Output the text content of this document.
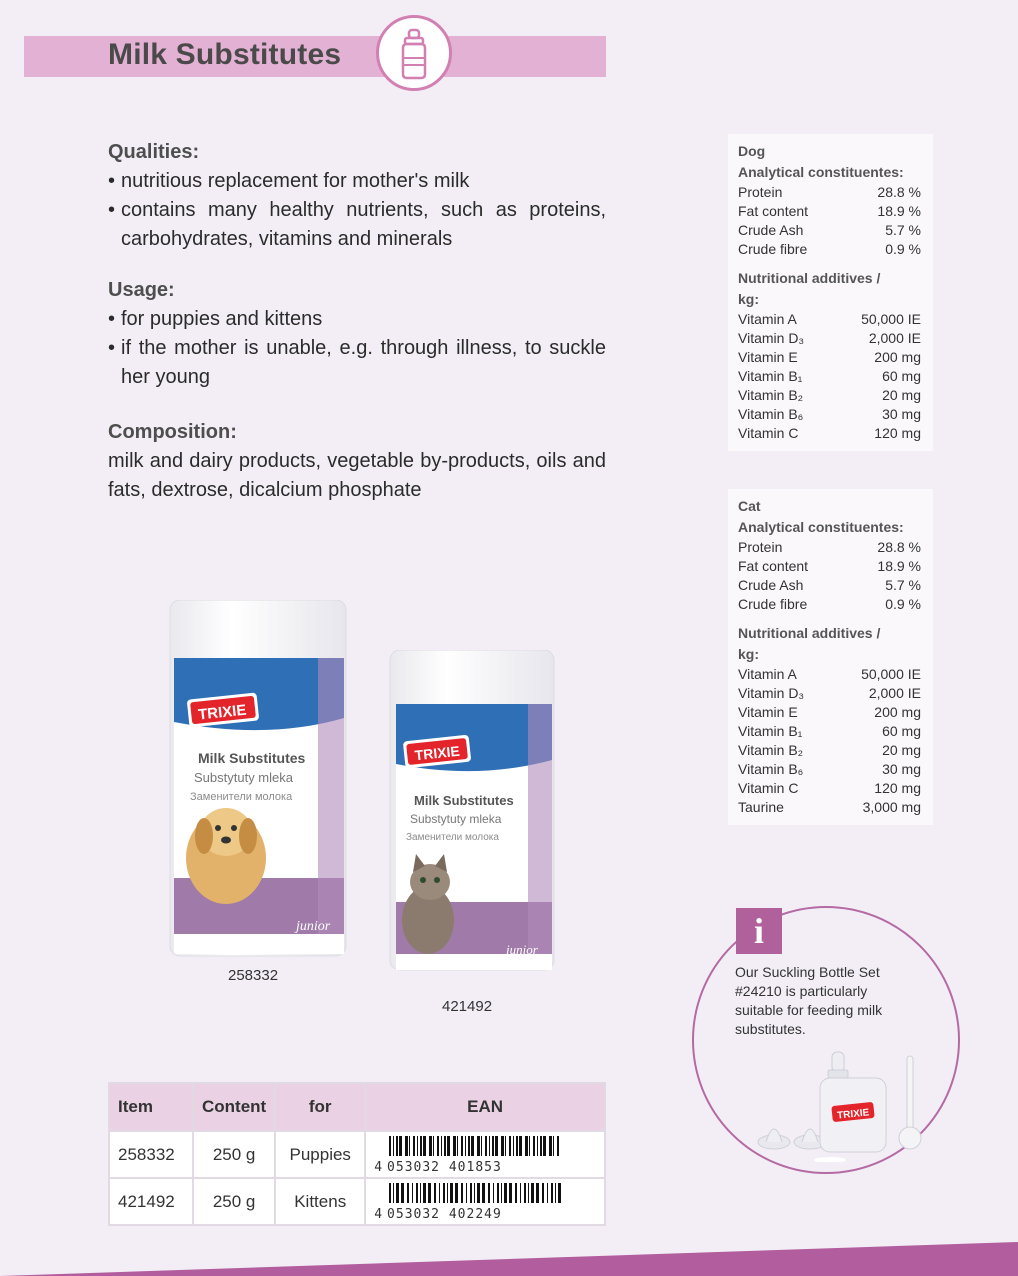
Milk Substitutes
Qualities:
• nutritious replacement for mother's milk
• contains many healthy nutrients, such as proteins, carbohydrates, vitamins and minerals
Usage:
• for puppies and kittens
• if the mother is unable, e.g. through illness, to suckle her young
Composition:
milk and dairy products, vegetable by-products, oils and fats, dextrose, dicalcium phosphate
Dog
Analytical constituentes:
Protein	28.8 %
Fat content	18.9 %
Crude Ash	5.7 %
Crude fibre	0.9 %
Nutritional additives /
kg:
Vitamin A	50,000 IE
Vitamin D₃	2,000 IE
Vitamin E	200 mg
Vitamin B₁	60 mg
Vitamin B₂	20 mg
Vitamin B₆	30 mg
Vitamin C	120 mg
Cat
Analytical constituentes:
Protein	28.8 %
Fat content	18.9 %
Crude Ash	5.7 %
Crude fibre	0.9 %
Nutritional additives /
kg:
Vitamin A	50,000 IE
Vitamin D₃	2,000 IE
Vitamin E	200 mg
Vitamin B₁	60 mg
Vitamin B₂	20 mg
Vitamin B₆	30 mg
Vitamin C	120 mg
Taurine	3,000 mg
TRIXIE
Milk Substitutes
Substytuty mleka
Заменители молока
junior
258332
TRIXIE
Milk Substitutes
Substytuty mleka
Заменители молока
junior
421492
Item	Content	for	EAN
258332	250 g	Puppies	4 053032 401853

421492	250 g	Kittens	4 053032 402249
i
Our Suckling Bottle Set #24210 is particularly suitable for feeding milk substitutes.
TRIXIE
